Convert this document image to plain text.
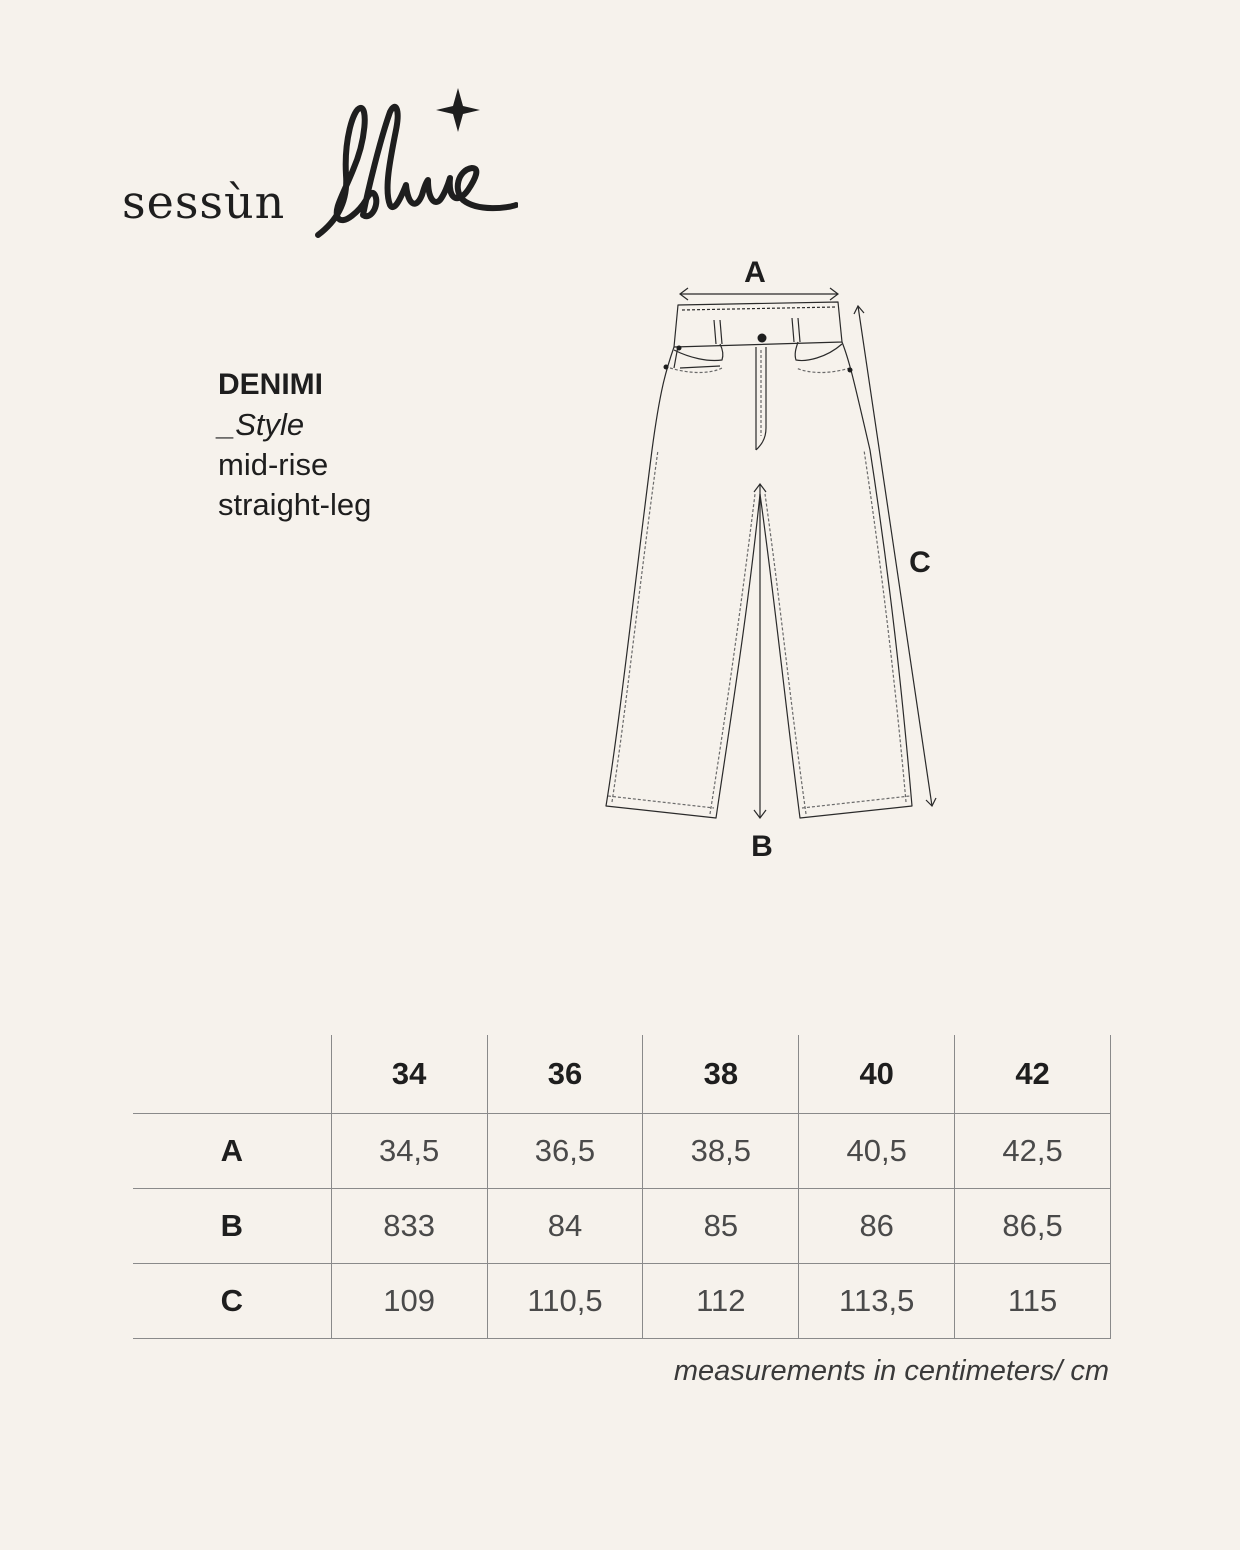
sessùn
DENIMI
_Style
mid-rise
straight-leg
A
B
C
	34	36	38	40	42
A	34,5	36,5	38,5	40,5	42,5
B	833	84	85	86	86,5
C	109	110,5	112	113,5	115
measurements in centimeters/ cm
